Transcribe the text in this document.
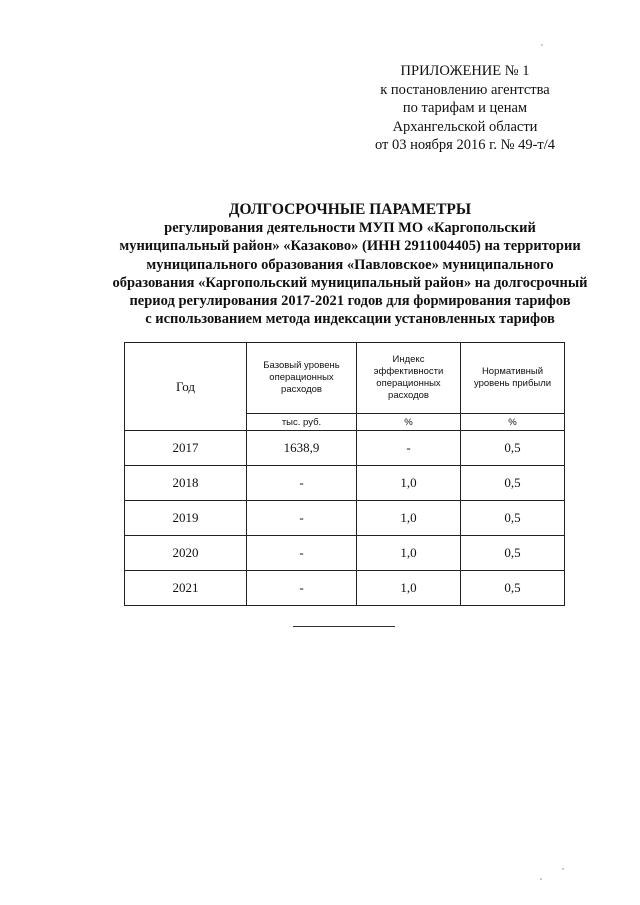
ПРИЛОЖЕНИЕ № 1
к постановлению агентства
по тарифам и ценам
Архангельской области
от 03 ноября 2016 г. № 49-т/4
ДОЛГОСРОЧНЫЕ ПАРАМЕТРЫ
регулирования деятельности МУП МО «Каргопольский
муниципальный район» «Казаково» (ИНН 2911004405) на территории
муниципального образования «Павловское» муниципального
образования «Каргопольский муниципальный район» на долгосрочный
период регулирования 2017-2021 годов для формирования тарифов
с использованием метода индексации установленных тарифов
Год	Базовый уровень операционных расходов	Индекс эффективности операционных расходов	Нормативный уровень прибыли
	тыс. руб.	%	%
2017	1638,9	-	0,5
2018	-	1,0	0,5
2019	-	1,0	0,5
2020	-	1,0	0,5
2021	-	1,0	0,5
